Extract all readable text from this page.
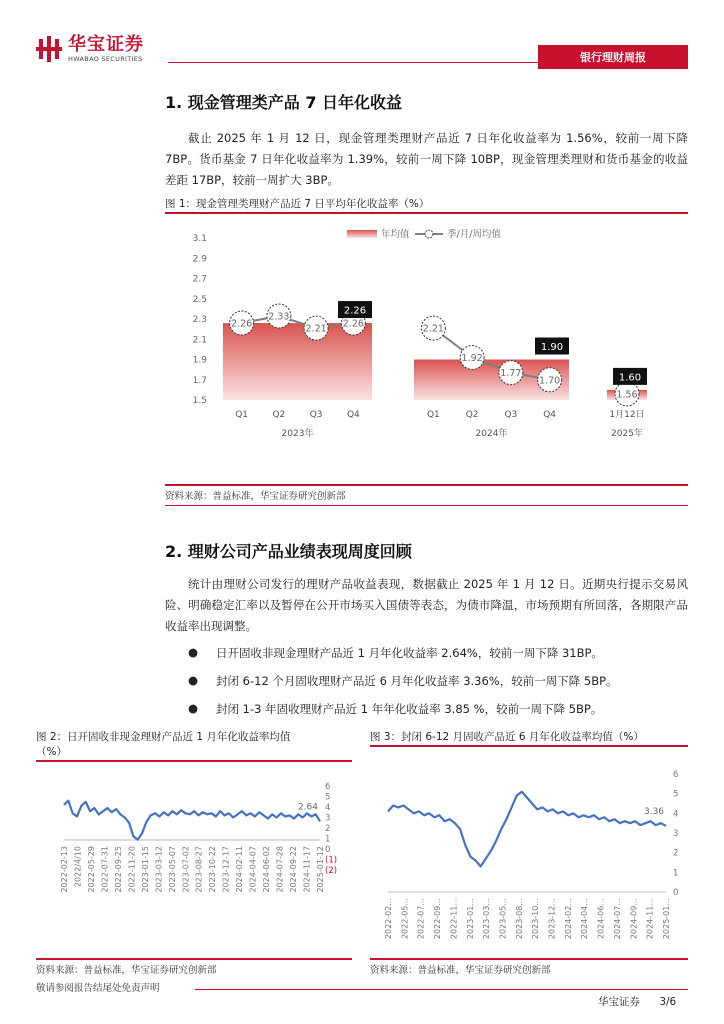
华宝证券
HWABAO SECURITIES	银行理财周报
1. 现金管理类产品 7 日年化收益
截止 2025 年 1 月 12 日，现金管理类理财产品近 7 日年化收益率为 1.56%，较前一周下降 7BP。货币基金 7 日年化收益率为 1.39%，较前一周下降 10BP，现金管理类理财和货币基金的收益差距 17BP，较前一周扩大 3BP。
图 1：现金管理类理财产品近 7 日平均年化收益率（%）
3.1
2.9
2.7
2.5
2.3
2.1
1.9
1.7
1.5
年均值	季/月/周均值
2.26
Q1
2.33
Q2
2.21
Q3
2.26
Q4
2.26
2023年
2.21
Q1
1.92
Q2
1.77
Q3
1.70
Q4
1.90
2024年
1.56
1月12日
1.60
2025年
资料来源：普益标准，华宝证券研究创新部
2. 理财公司产品业绩表现周度回顾
统计由理财公司发行的理财产品收益表现，数据截止 2025 年 1 月 12 日。近期央行提示交易风险、明确稳定汇率以及暂停在公开市场买入国债等表态，为债市降温，市场预期有所回落，各期限产品收益率出现调整。
●	日开固收非现金理财产品近 1 月年化收益率 2.64%，较前一周下降 31BP。
●	封闭 6-12 个月固收理财产品近 6 月年化收益率 3.36%，较前一周下降 5BP。
●	封闭 1-3 年固收理财产品近 1 年年化收益率 3.85 %，较前一周下降 5BP。
图 2：日开固收非现金理财产品近 1 月年化收益率均值
（%）
6
5
4
3
2
1
0
(1)
(2)
2.64
2022-02-13 2022/4/10 2022-05-29 2022-07-31 2022-09-25 2022-11-20 2023-01-15 2023-03-12 2023-05-07 2023-07-02 2023-08-27 2023-10-22 2023-12-17 2024-02-11 2024-04-07 2024-06-02 2024-07-28 2024-09-22 2024-11-17 2025-01-12
资料来源：普益标准，华宝证券研究创新部
图 3：封闭 6-12 月固收产品近 6 月年化收益率均值（%）
6
5
4
3
2
1
0
3.36
2022-02... 2022-05... 2022-07... 2022-09... 2022-11... 2023-01... 2023-03... 2023-05... 2023-08... 2023-10... 2023-12... 2024-02... 2024-04... 2024-06... 2024-07... 2024-09... 2024-11... 2025-01...
资料来源：普益标准，华宝证券研究创新部
敬请参阅报告结尾处免责声明
华宝证券 3/6
